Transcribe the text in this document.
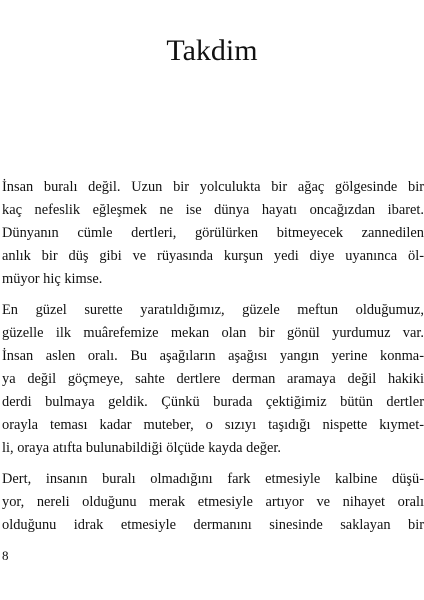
Takdim

İnsan buralı değil. Uzun bir yolculukta bir ağaç gölgesinde bir
kaç nefeslik eğleşmek ne ise dünya hayatı oncağızdan ibaret.
Dünyanın cümle dertleri, görülürken bitmeyecek zannedilen
anlık bir düş gibi ve rüyasında kurşun yedi diye uyanınca öl-
müyor hiç kimse.

En güzel surette yaratıldığımız, güzele meftun olduğumuz,
güzelle ilk muârefemize mekan olan bir gönül yurdumuz var.
İnsan aslen oralı. Bu aşağıların aşağısı yangın yerine konma-
ya değil göçmeye, sahte dertlere derman aramaya değil hakiki
derdi bulmaya geldik. Çünkü burada çektiğimiz bütün dertler
orayla teması kadar muteber, o sızıyı taşıdığı nispette kıymet-
li, oraya atıfta bulunabildiği ölçüde kayda değer.

Dert, insanın buralı olmadığını fark etmesiyle kalbine düşü-
yor, nereli olduğunu merak etmesiyle artıyor ve nihayet oralı
olduğunu idrak etmesiyle dermanını sinesinde saklayan bir

8
